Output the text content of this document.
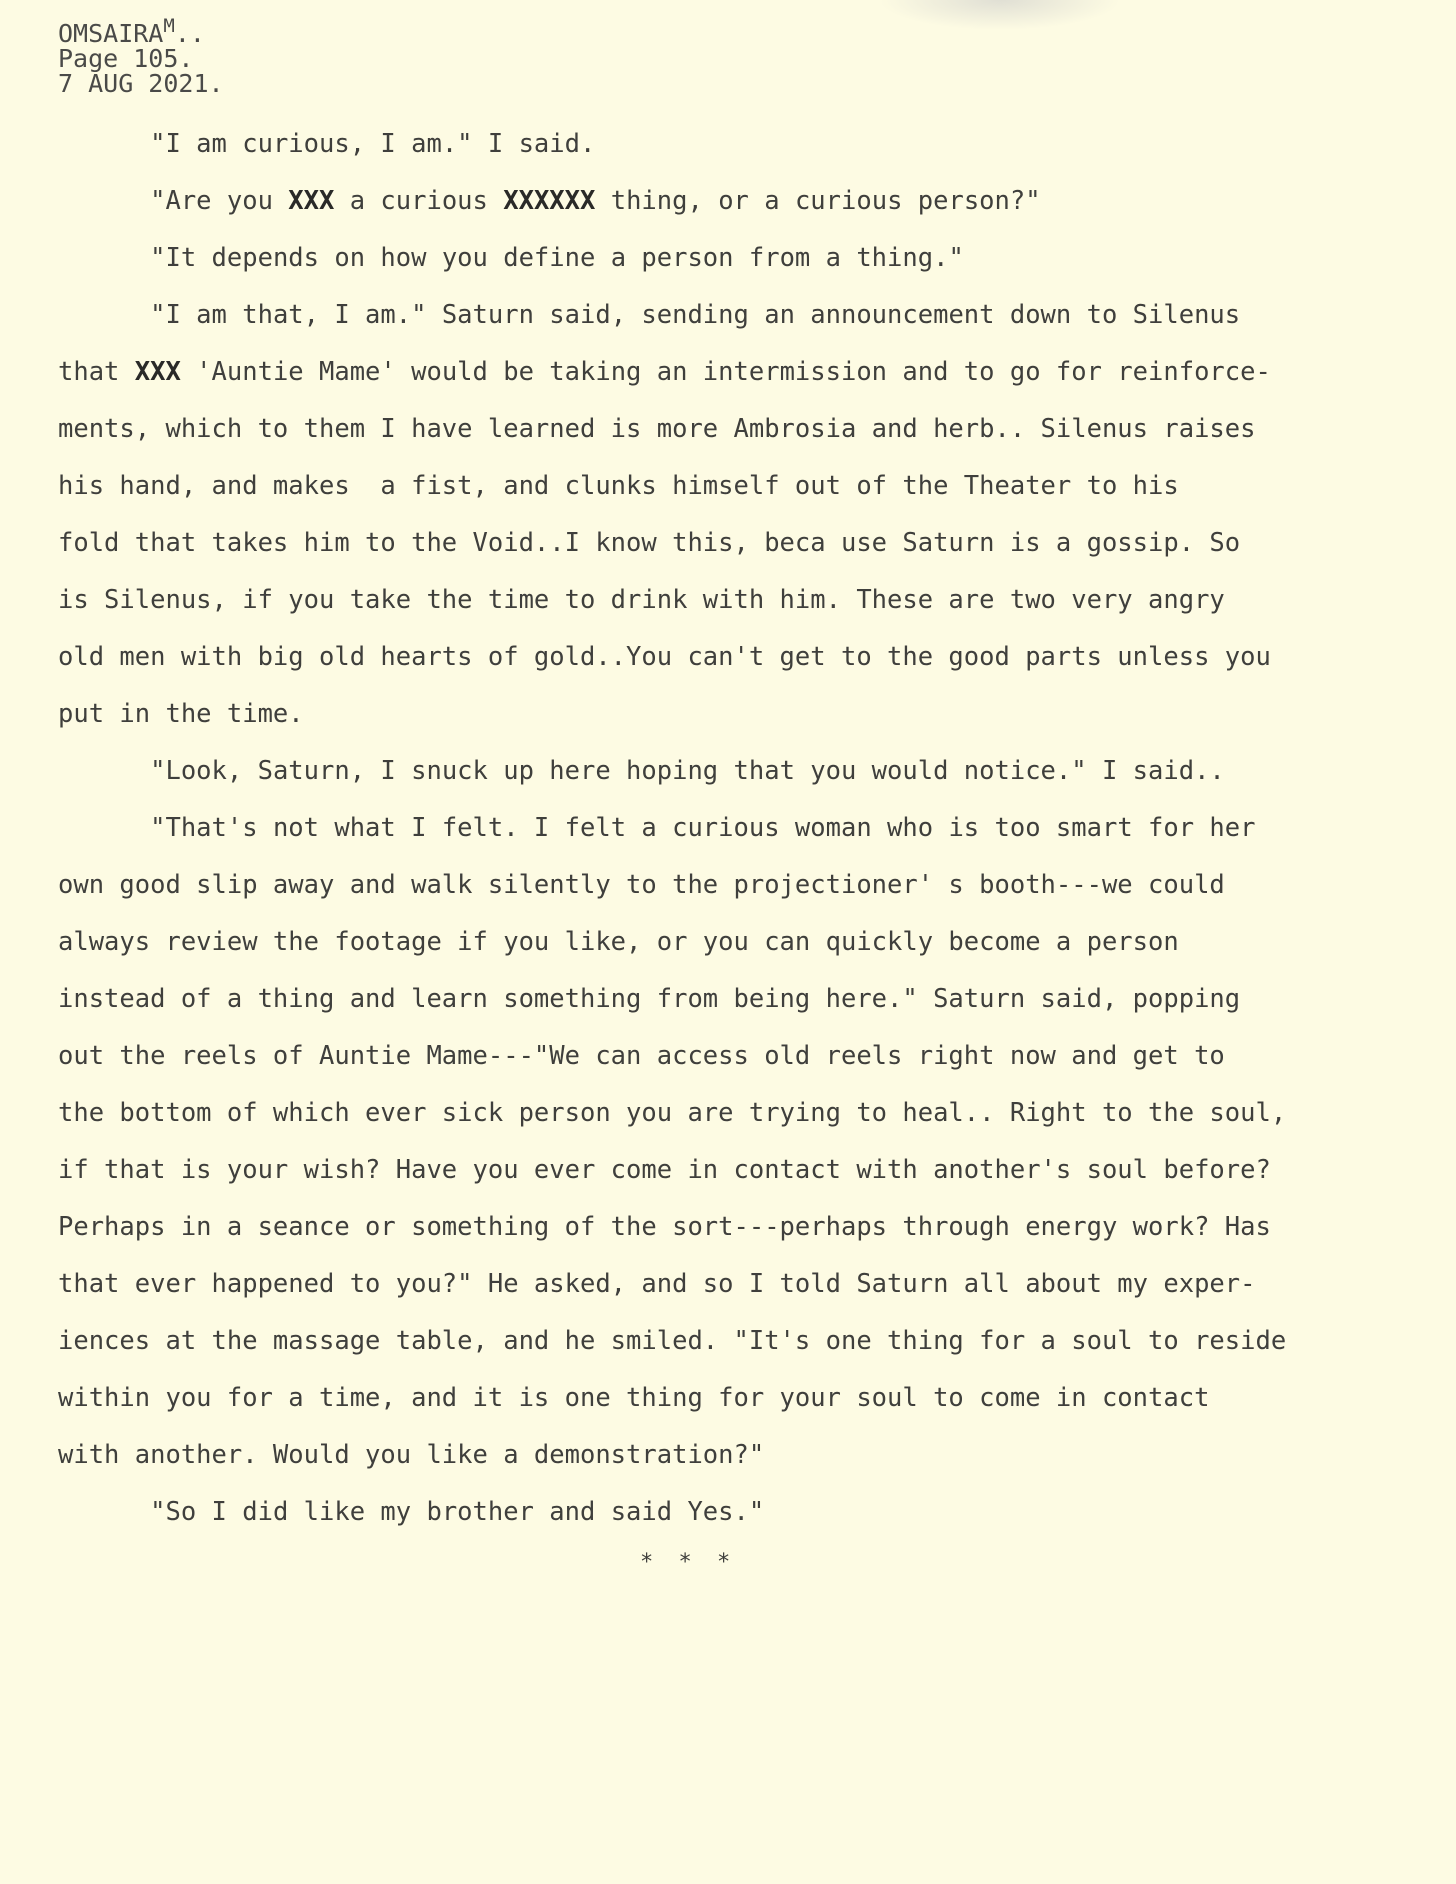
$OMSAIRA^M$..
Page 105.
7 AUG 2021.
"I am curious, I am." I said.
"Are you XXX a curious XXXXXX thing, or a curious person?"
"It depends on how you define a person from a thing."
"I am that, I am." Saturn said, sending an announcement down to Silenus
that XXX 'Auntie Mame' would be taking an intermission and to go for reinforce-
ments, which to them I have learned is more Ambrosia and herb.. Silenus raises
his hand, and makes  a fist, and clunks himself out of the Theater to his
fold that takes him to the Void..I know this, beca use Saturn is a gossip. So
is Silenus, if you take the time to drink with him. These are two very angry
old men with big old hearts of gold..You can't get to the good parts unless you
put in the time.
"Look, Saturn, I snuck up here hoping that you would notice." I said..
"That's not what I felt. I felt a curious woman who is too smart for her
own good slip away and walk silently to the projectioner' s booth---we could
always review the footage if you like, or you can quickly become a person
instead of a thing and learn something from being here." Saturn said, popping
out the reels of Auntie Mame---"We can access old reels right now and get to
the bottom of which ever sick person you are trying to heal.. Right to the soul,
if that is your wish? Have you ever come in contact with another's soul before?
Perhaps in a seance or something of the sort---perhaps through energy work? Has
that ever happened to you?" He asked, and so I told Saturn all about my exper-
iences at the massage table, and he smiled. "It's one thing for a soul to reside
within you for a time, and it is one thing for your soul to come in contact
with another. Would you like a demonstration?"
"So I did like my brother and said Yes."
* * *
